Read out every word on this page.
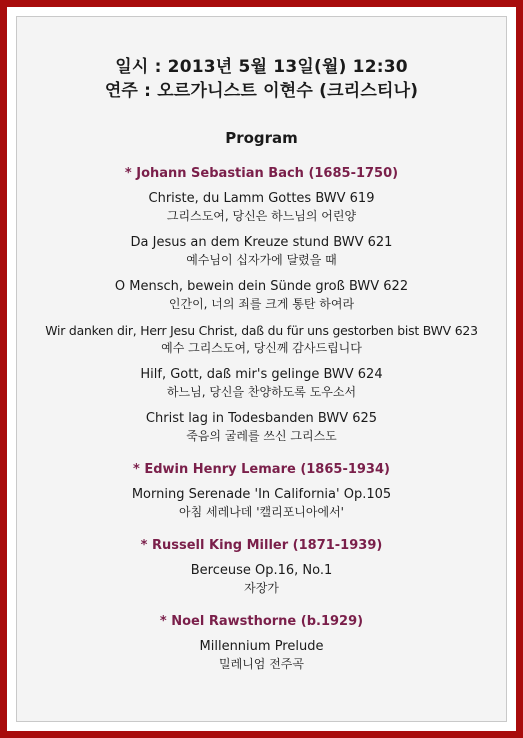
일시 : 2013년 5월 13일(월) 12:30
연주 : 오르가니스트 이현수 (크리스티나)
Program
* Johann Sebastian Bach (1685-1750)
Christe, du Lamm Gottes BWV 619
그리스도여, 당신은 하느님의 어린양
Da Jesus an dem Kreuze stund BWV 621
예수님이 십자가에 달렸을 때
O Mensch, bewein dein Sünde groß BWV 622
인간이, 너의 죄를 크게 통탄 하여라
Wir danken dir, Herr Jesu Christ, daß du für uns gestorben bist BWV 623
예수 그리스도여, 당신께 감사드립니다
Hilf, Gott, daß mir's gelinge BWV 624
하느님, 당신을 찬양하도록 도우소서
Christ lag in Todesbanden BWV 625
죽음의 굴레를 쓰신 그리스도
* Edwin Henry Lemare (1865-1934)
Morning Serenade 'In California' Op.105
아침 세레나데 '캘리포니아에서'
* Russell King Miller (1871-1939)
Berceuse Op.16, No.1
자장가
* Noel Rawsthorne (b.1929)
Millennium Prelude
밀레니엄 전주곡
